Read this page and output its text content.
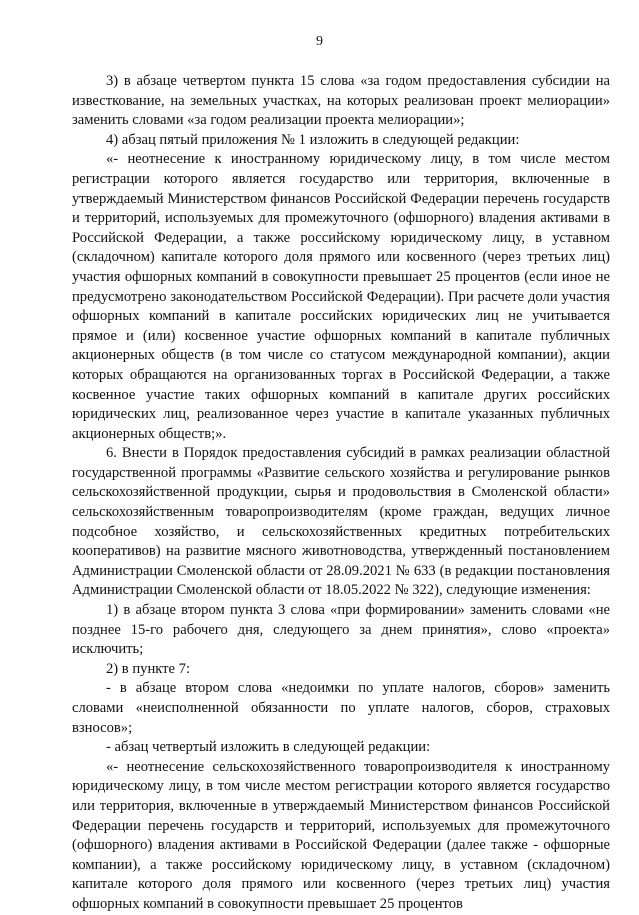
9

3) в абзаце четвертом пункта 15 слова «за годом предоставления субсидии на известкование, на земельных участках, на которых реализован проект мелиорации» заменить словами «за годом реализации проекта мелиорации»;

4) абзац пятый приложения № 1 изложить в следующей редакции:

«- неотнесение к иностранному юридическому лицу, в том числе местом регистрации которого является государство или территория, включенные в утверждаемый Министерством финансов Российской Федерации перечень государств и территорий, используемых для промежуточного (офшорного) владения активами в Российской Федерации, а также российскому юридическому лицу, в уставном (складочном) капитале которого доля прямого или косвенного (через третьих лиц) участия офшорных компаний в совокупности превышает 25 процентов (если иное не предусмотрено законодательством Российской Федерации). При расчете доли участия офшорных компаний в капитале российских юридических лиц не учитывается прямое и (или) косвенное участие офшорных компаний в капитале публичных акционерных обществ (в том числе со статусом международной компании), акции которых обращаются на организованных торгах в Российской Федерации, а также косвенное участие таких офшорных компаний в капитале других российских юридических лиц, реализованное через участие в капитале указанных публичных акционерных обществ;».

6. Внести в Порядок предоставления субсидий в рамках реализации областной государственной программы «Развитие сельского хозяйства и регулирование рынков сельскохозяйственной продукции, сырья и продовольствия в Смоленской области» сельскохозяйственным товаропроизводителям (кроме граждан, ведущих личное подсобное хозяйство, и сельскохозяйственных кредитных потребительских кооперативов) на развитие мясного животноводства, утвержденный постановлением Администрации Смоленской области от 28.09.2021 № 633 (в редакции постановления Администрации Смоленской области от 18.05.2022 № 322), следующие изменения:

1) в абзаце втором пункта 3 слова «при формировании» заменить словами «не позднее 15-го рабочего дня, следующего за днем принятия», слово «проекта» исключить;

2) в пункте 7:

- в абзаце втором слова «недоимки по уплате налогов, сборов» заменить словами «неисполненной обязанности по уплате налогов, сборов, страховых взносов»;

- абзац четвертый изложить в следующей редакции:

«- неотнесение сельскохозяйственного товаропроизводителя к иностранному юридическому лицу, в том числе местом регистрации которого является государство или территория, включенные в утверждаемый Министерством финансов Российской Федерации перечень государств и территорий, используемых для промежуточного (офшорного) владения активами в Российской Федерации (далее также - офшорные компании), а также российскому юридическому лицу, в уставном (складочном) капитале которого доля прямого или косвенного (через третьих лиц) участия офшорных компаний в совокупности превышает 25 процентов
